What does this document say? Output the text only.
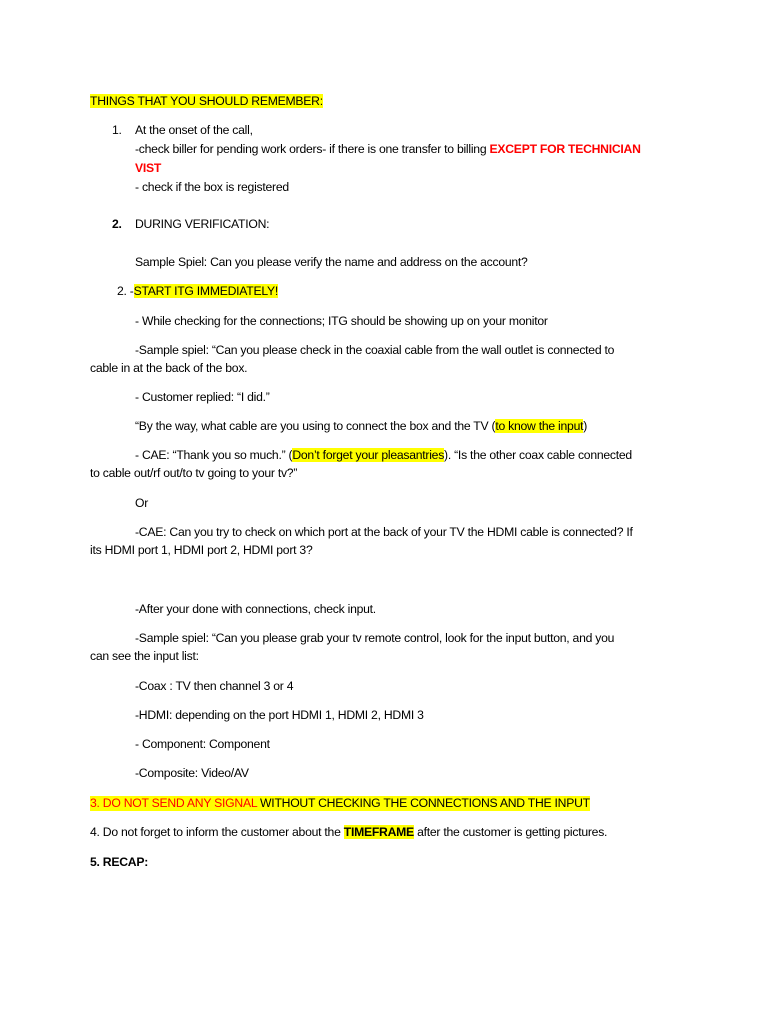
THINGS THAT YOU SHOULD REMEMBER:
1. At the onset of the call,
-check biller for pending work orders- if there is one transfer to billing EXCEPT FOR TECHNICIAN
VIST
- check if the box is registered
2. DURING VERIFICATION:
Sample Spiel: Can you please verify the name and address on the account?
2. -START ITG IMMEDIATELY!
- While checking for the connections; ITG should be showing up on your monitor
-Sample spiel: “Can you please check in the coaxial cable from the wall outlet is connected to
cable in at the back of the box.
- Customer replied: “I did.”
“By the way, what cable are you using to connect the box and the TV (to know the input)
- CAE: “Thank you so much.” (Don’t forget your pleasantries). “Is the other coax cable connected
to cable out/rf out/to tv going to your tv?”
Or
-CAE: Can you try to check on which port at the back of your TV the HDMI cable is connected? If
its HDMI port 1, HDMI port 2, HDMI port 3?
-After your done with connections, check input.
-Sample spiel: “Can you please grab your tv remote control, look for the input button, and you
can see the input list:
-Coax : TV then channel 3 or 4
-HDMI: depending on the port HDMI 1, HDMI 2, HDMI 3
- Component: Component
-Composite: Video/AV
3. DO NOT SEND ANY SIGNAL WITHOUT CHECKING THE CONNECTIONS AND THE INPUT
4. Do not forget to inform the customer about the TIMEFRAME after the customer is getting pictures.
5. RECAP:
